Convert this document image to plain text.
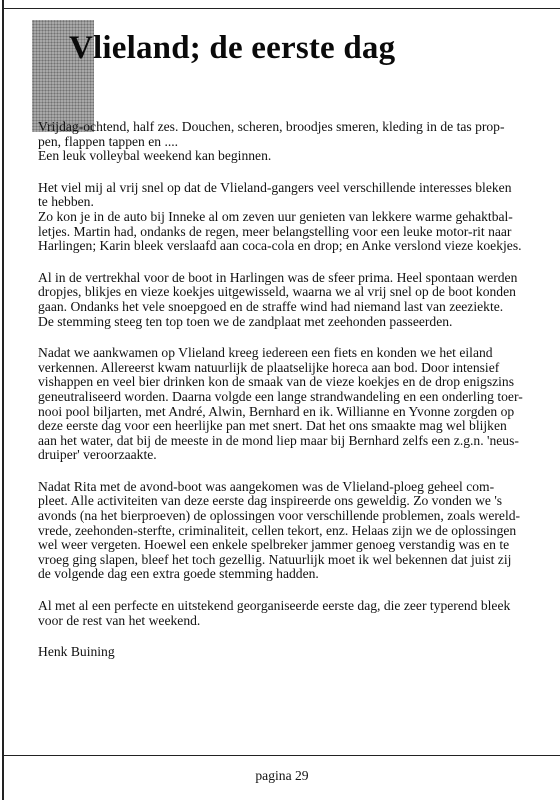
Vlieland; de eerste dag

Vrijdag-ochtend, half zes. Douchen, scheren, broodjes smeren, kleding in de tas prop-
pen, flappen tappen en ....
Een leuk volleybal weekend kan beginnen.

Het viel mij al vrij snel op dat de Vlieland-gangers veel verschillende interesses bleken
te hebben.
Zo kon je in de auto bij Inneke al om zeven uur genieten van lekkere warme gehaktbal-
letjes. Martin had, ondanks de regen, meer belangstelling voor een leuke motor-rit naar
Harlingen; Karin bleek verslaafd aan coca-cola en drop; en Anke verslond vieze koekjes.

Al in de vertrekhal voor de boot in Harlingen was de sfeer prima. Heel spontaan werden
dropjes, blikjes en vieze koekjes uitgewisseld, waarna we al vrij snel op de boot konden
gaan. Ondanks het vele snoepgoed en de straffe wind had niemand last van zeeziekte.
De stemming steeg ten top toen we de zandplaat met zeehonden passeerden.

Nadat we aankwamen op Vlieland kreeg iedereen een fiets en konden we het eiland
verkennen. Allereerst kwam natuurlijk de plaatselijke horeca aan bod. Door intensief
vishappen en veel bier drinken kon de smaak van de vieze koekjes en de drop enigszins
geneutraliseerd worden. Daarna volgde een lange strandwandeling en een onderling toer-
nooi pool biljarten, met André, Alwin, Bernhard en ik. Willianne en Yvonne zorgden op
deze eerste dag voor een heerlijke pan met snert. Dat het ons smaakte mag wel blijken
aan het water, dat bij de meeste in de mond liep maar bij Bernhard zelfs een z.g.n. 'neus-
druiper' veroorzaakte.

Nadat Rita met de avond-boot was aangekomen was de Vlieland-ploeg geheel com-
pleet. Alle activiteiten van deze eerste dag inspireerde ons geweldig. Zo vonden we 's
avonds (na het bierproeven) de oplossingen voor verschillende problemen, zoals wereld-
vrede, zeehonden-sterfte, criminaliteit, cellen tekort, enz. Helaas zijn we de oplossingen
wel weer vergeten. Hoewel een enkele spelbreker jammer genoeg verstandig was en te
vroeg ging slapen, bleef het toch gezellig. Natuurlijk moet ik wel bekennen dat juist zij
de volgende dag een extra goede stemming hadden.

Al met al een perfecte en uitstekend georganiseerde eerste dag, die zeer typerend bleek
voor de rest van het weekend.

Henk Buining

pagina 29
